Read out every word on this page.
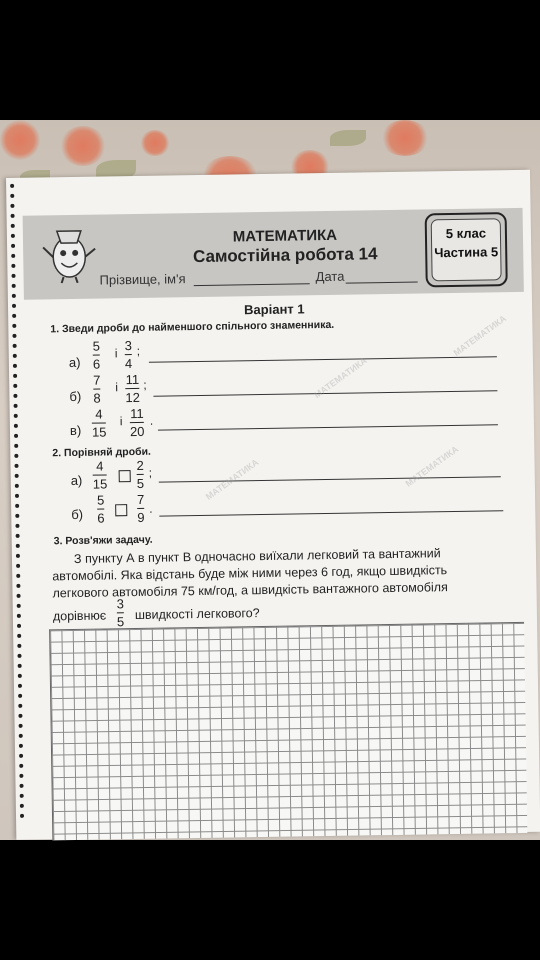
МАТЕМАТИКА
Самостійна робота 14
Прізвище, ім'я	Дата
5 клас
Частина 5
Варіант 1
1. Зведи дроби до найменшого спільного знаменника.
а)
5
6
і
3
4
;
б)
7
8
і
11
12
;
в)
4
15
і
11
20
.
2. Порівняй дроби.
а)
4
15
2
5
;
б)
5
6
7
9
.
3. Розв'яжи задачу.
З пункту А в пункт В одночасно виїхали легковий та вантажний
автомобілі. Яка відстань буде між ними через 6 год, якщо швидкість
легкового автомобіля 75 км/год, а швидкість вантажного автомобіля
дорівнює
3
5 швидкості легкового?
МАТЕМАТИКА
МАТЕМАТИКА
МАТЕМАТИКА
МАТЕМАТИКА
